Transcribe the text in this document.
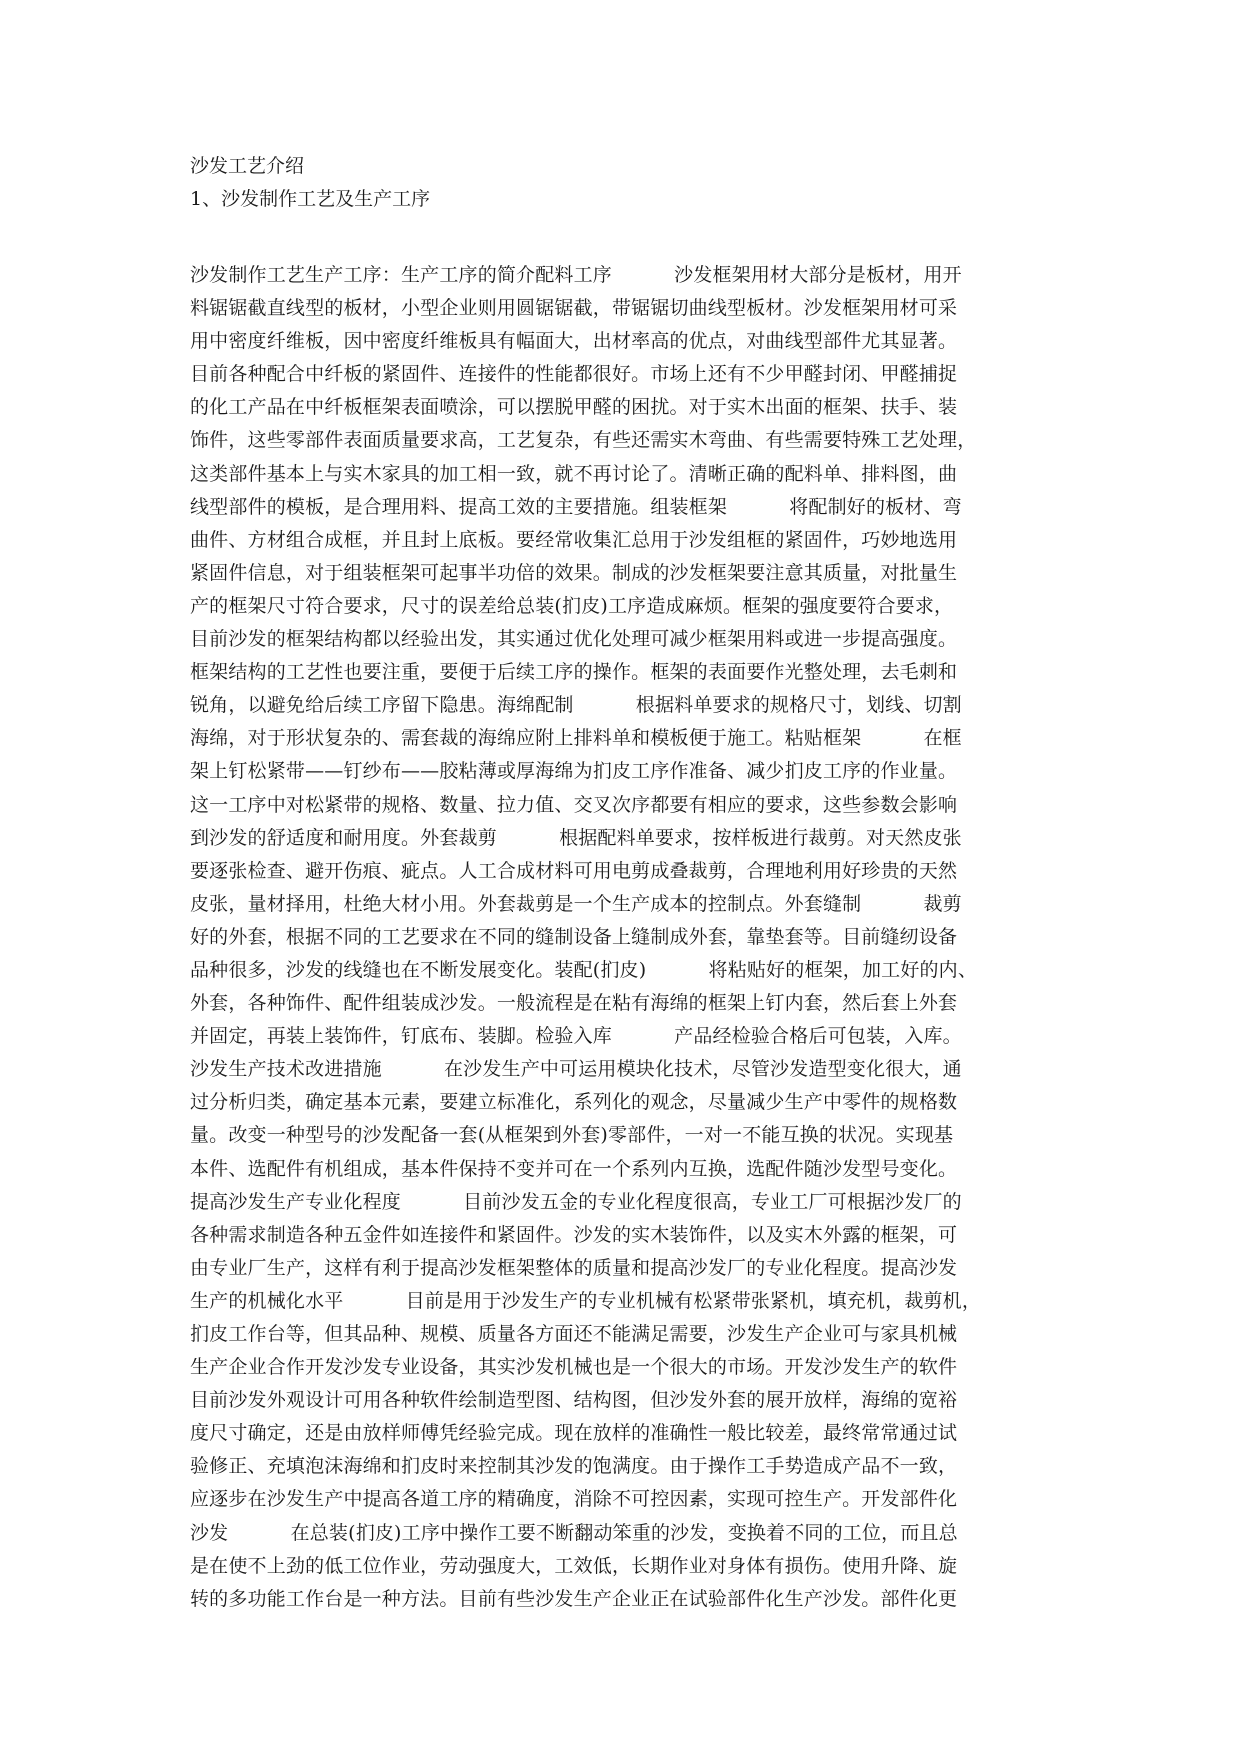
沙发工艺介绍

1、沙发制作工艺及生产工序

沙发制作工艺生产工序：生产工序的简介配料工序          沙发框架用材大部分是板材，用开

料锯锯截直线型的板材，小型企业则用圆锯锯截，带锯锯切曲线型板材。沙发框架用材可采

用中密度纤维板，因中密度纤维板具有幅面大，出材率高的优点，对曲线型部件尤其显著。

目前各种配合中纤板的紧固件、连接件的性能都很好。市场上还有不少甲醛封闭、甲醛捕捉

的化工产品在中纤板框架表面喷涂，可以摆脱甲醛的困扰。对于实木出面的框架、扶手、装

饰件，这些零部件表面质量要求高，工艺复杂，有些还需实木弯曲、有些需要特殊工艺处理，

这类部件基本上与实木家具的加工相一致，就不再讨论了。清晰正确的配料单、排料图，曲

线型部件的模板，是合理用料、提高工效的主要措施。组装框架          将配制好的板材、弯

曲件、方材组合成框，并且封上底板。要经常收集汇总用于沙发组框的紧固件，巧妙地选用

紧固件信息，对于组装框架可起事半功倍的效果。制成的沙发框架要注意其质量，对批量生

产的框架尺寸符合要求，尺寸的误差给总装(扪皮)工序造成麻烦。框架的强度要符合要求，

目前沙发的框架结构都以经验出发，其实通过优化处理可减少框架用料或进一步提高强度。

框架结构的工艺性也要注重，要便于后续工序的操作。框架的表面要作光整处理，去毛刺和

锐角，以避免给后续工序留下隐患。海绵配制          根据料单要求的规格尺寸，划线、切割

海绵，对于形状复杂的、需套裁的海绵应附上排料单和模板便于施工。粘贴框架          在框

架上钉松紧带——钉纱布——胶粘薄或厚海绵为扪皮工序作准备、减少扪皮工序的作业量。

这一工序中对松紧带的规格、数量、拉力值、交叉次序都要有相应的要求，这些参数会影响

到沙发的舒适度和耐用度。外套裁剪          根据配料单要求，按样板进行裁剪。对天然皮张

要逐张检查、避开伤痕、疵点。人工合成材料可用电剪成叠裁剪，合理地利用好珍贵的天然

皮张，量材择用，杜绝大材小用。外套裁剪是一个生产成本的控制点。外套缝制          裁剪

好的外套，根据不同的工艺要求在不同的缝制设备上缝制成外套，靠垫套等。目前缝纫设备

品种很多，沙发的线缝也在不断发展变化。装配(扪皮)          将粘贴好的框架，加工好的内、

外套，各种饰件、配件组装成沙发。一般流程是在粘有海绵的框架上钉内套，然后套上外套

并固定，再装上装饰件，钉底布、装脚。检验入库          产品经检验合格后可包装，入库。

沙发生产技术改进措施          在沙发生产中可运用模块化技术，尽管沙发造型变化很大，通

过分析归类，确定基本元素，要建立标准化，系列化的观念，尽量减少生产中零件的规格数

量。改变一种型号的沙发配备一套(从框架到外套)零部件，一对一不能互换的状况。实现基

本件、选配件有机组成，基本件保持不变并可在一个系列内互换，选配件随沙发型号变化。

提高沙发生产专业化程度          目前沙发五金的专业化程度很高，专业工厂可根据沙发厂的

各种需求制造各种五金件如连接件和紧固件。沙发的实木装饰件，以及实木外露的框架，可

由专业厂生产，这样有利于提高沙发框架整体的质量和提高沙发厂的专业化程度。提高沙发

生产的机械化水平          目前是用于沙发生产的专业机械有松紧带张紧机，填充机，裁剪机，

扪皮工作台等，但其品种、规模、质量各方面还不能满足需要，沙发生产企业可与家具机械

生产企业合作开发沙发专业设备，其实沙发机械也是一个很大的市场。开发沙发生产的软件

目前沙发外观设计可用各种软件绘制造型图、结构图，但沙发外套的展开放样，海绵的宽裕

度尺寸确定，还是由放样师傅凭经验完成。现在放样的准确性一般比较差，最终常常通过试

验修正、充填泡沫海绵和扪皮时来控制其沙发的饱满度。由于操作工手势造成产品不一致，

应逐步在沙发生产中提高各道工序的精确度，消除不可控因素，实现可控生产。开发部件化

沙发          在总装(扪皮)工序中操作工要不断翻动笨重的沙发，变换着不同的工位，而且总

是在使不上劲的低工位作业，劳动强度大，工效低，长期作业对身体有损伤。使用升降、旋

转的多功能工作台是一种方法。目前有些沙发生产企业正在试验部件化生产沙发。部件化更
